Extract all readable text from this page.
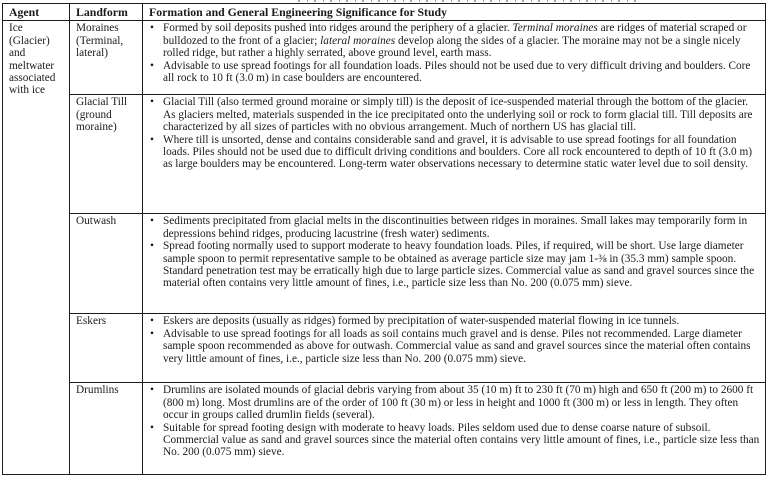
Agent	Landform	Formation and General Engineering Significance for Study
Ice (Glacier) and meltwater associated with ice	Moraines (Terminal, lateral)	• Formed by soil deposits pushed into ridges around the periphery of a glacier. Terminal moraines are ridges of material scraped or bulldozed to the front of a glacier; lateral moraines develop along the sides of a glacier. The moraine may not be a single nicely rolled ridge, but rather a highly serrated, above ground level, earth mass.
• Advisable to use spread footings for all foundation loads. Piles should not be used due to very difficult driving and boulders. Core all rock to 10 ft (3.0 m) in case boulders are encountered.

	Glacial Till (ground moraine)	• Glacial Till (also termed ground moraine or simply till) is the deposit of ice-suspended material through the bottom of the glacier. As glaciers melted, materials suspended in the ice precipitated onto the underlying soil or rock to form glacial till. Till deposits are characterized by all sizes of particles with no obvious arrangement. Much of northern US has glacial till.
• Where till is unsorted, dense and contains considerable sand and gravel, it is advisable to use spread footings for all foundation loads. Piles should not be used due to difficult driving conditions and boulders. Core all rock encountered to depth of 10 ft (3.0 m) as large boulders may be encountered. Long-term water observations necessary to determine static water level due to soil density.

	Outwash	• Sediments precipitated from glacial melts in the discontinuities between ridges in moraines. Small lakes may temporarily form in depressions behind ridges, producing lacustrine (fresh water) sediments.
• Spread footing normally used to support moderate to heavy foundation loads. Piles, if required, will be short. Use large diameter sample spoon to permit representative sample to be obtained as average particle size may jam 1-⅜ in (35.3 mm) sample spoon. Standard penetration test may be erratically high due to large particle sizes. Commercial value as sand and gravel sources since the material often contains very little amount of fines, i.e., particle size less than No. 200 (0.075 mm) sieve.

	Eskers	• Eskers are deposits (usually as ridges) formed by precipitation of water-suspended material flowing in ice tunnels.
• Advisable to use spread footings for all loads as soil contains much gravel and is dense. Piles not recommended. Large diameter sample spoon recommended as above for outwash. Commercial value as sand and gravel sources since the material often contains very little amount of fines, i.e., particle size less than No. 200 (0.075 mm) sieve.

	Drumlins	• Drumlins are isolated mounds of glacial debris varying from about 35 (10 m) ft to 230 ft (70 m) high and 650 ft (200 m) to 2600 ft (800 m) long. Most drumlins are of the order of 100 ft (30 m) or less in height and 1000 ft (300 m) or less in length. They often occur in groups called drumlin fields (several).
• Suitable for spread footing design with moderate to heavy loads. Piles seldom used due to dense coarse nature of subsoil. Commercial value as sand and gravel sources since the material often contains very little amount of fines, i.e., particle size less than No. 200 (0.075 mm) sieve.
